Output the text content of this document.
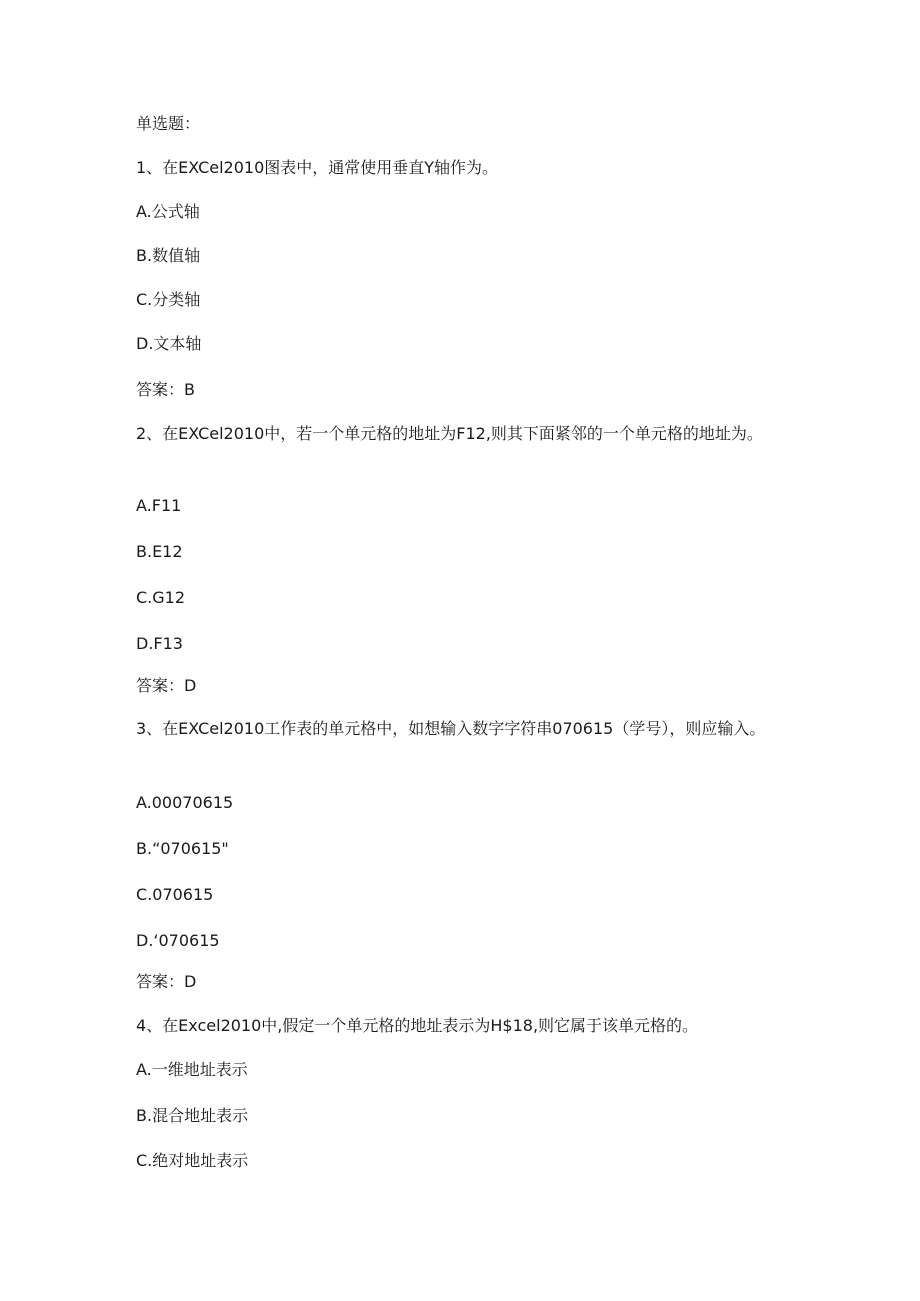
单选题：
1、在EXCel2010图表中，通常使用垂直Y轴作为。
A.公式轴
B.数值轴
C.分类轴
D.文本轴
答案：B
2、在EXCel2010中，若一个单元格的地址为F12,则其下面紧邻的一个单元格的地址为。
A.F11
B.E12
C.G12
D.F13
答案：D
3、在EXCel2010工作表的单元格中，如想输入数字字符串070615（学号），则应输入。
A.00070615
B.“070615"
C.070615
D.‘070615
答案：D
4、在Excel2010中,假定一个单元格的地址表示为H$18,则它属于该单元格的。
A.一维地址表示
B.混合地址表示
C.绝对地址表示
